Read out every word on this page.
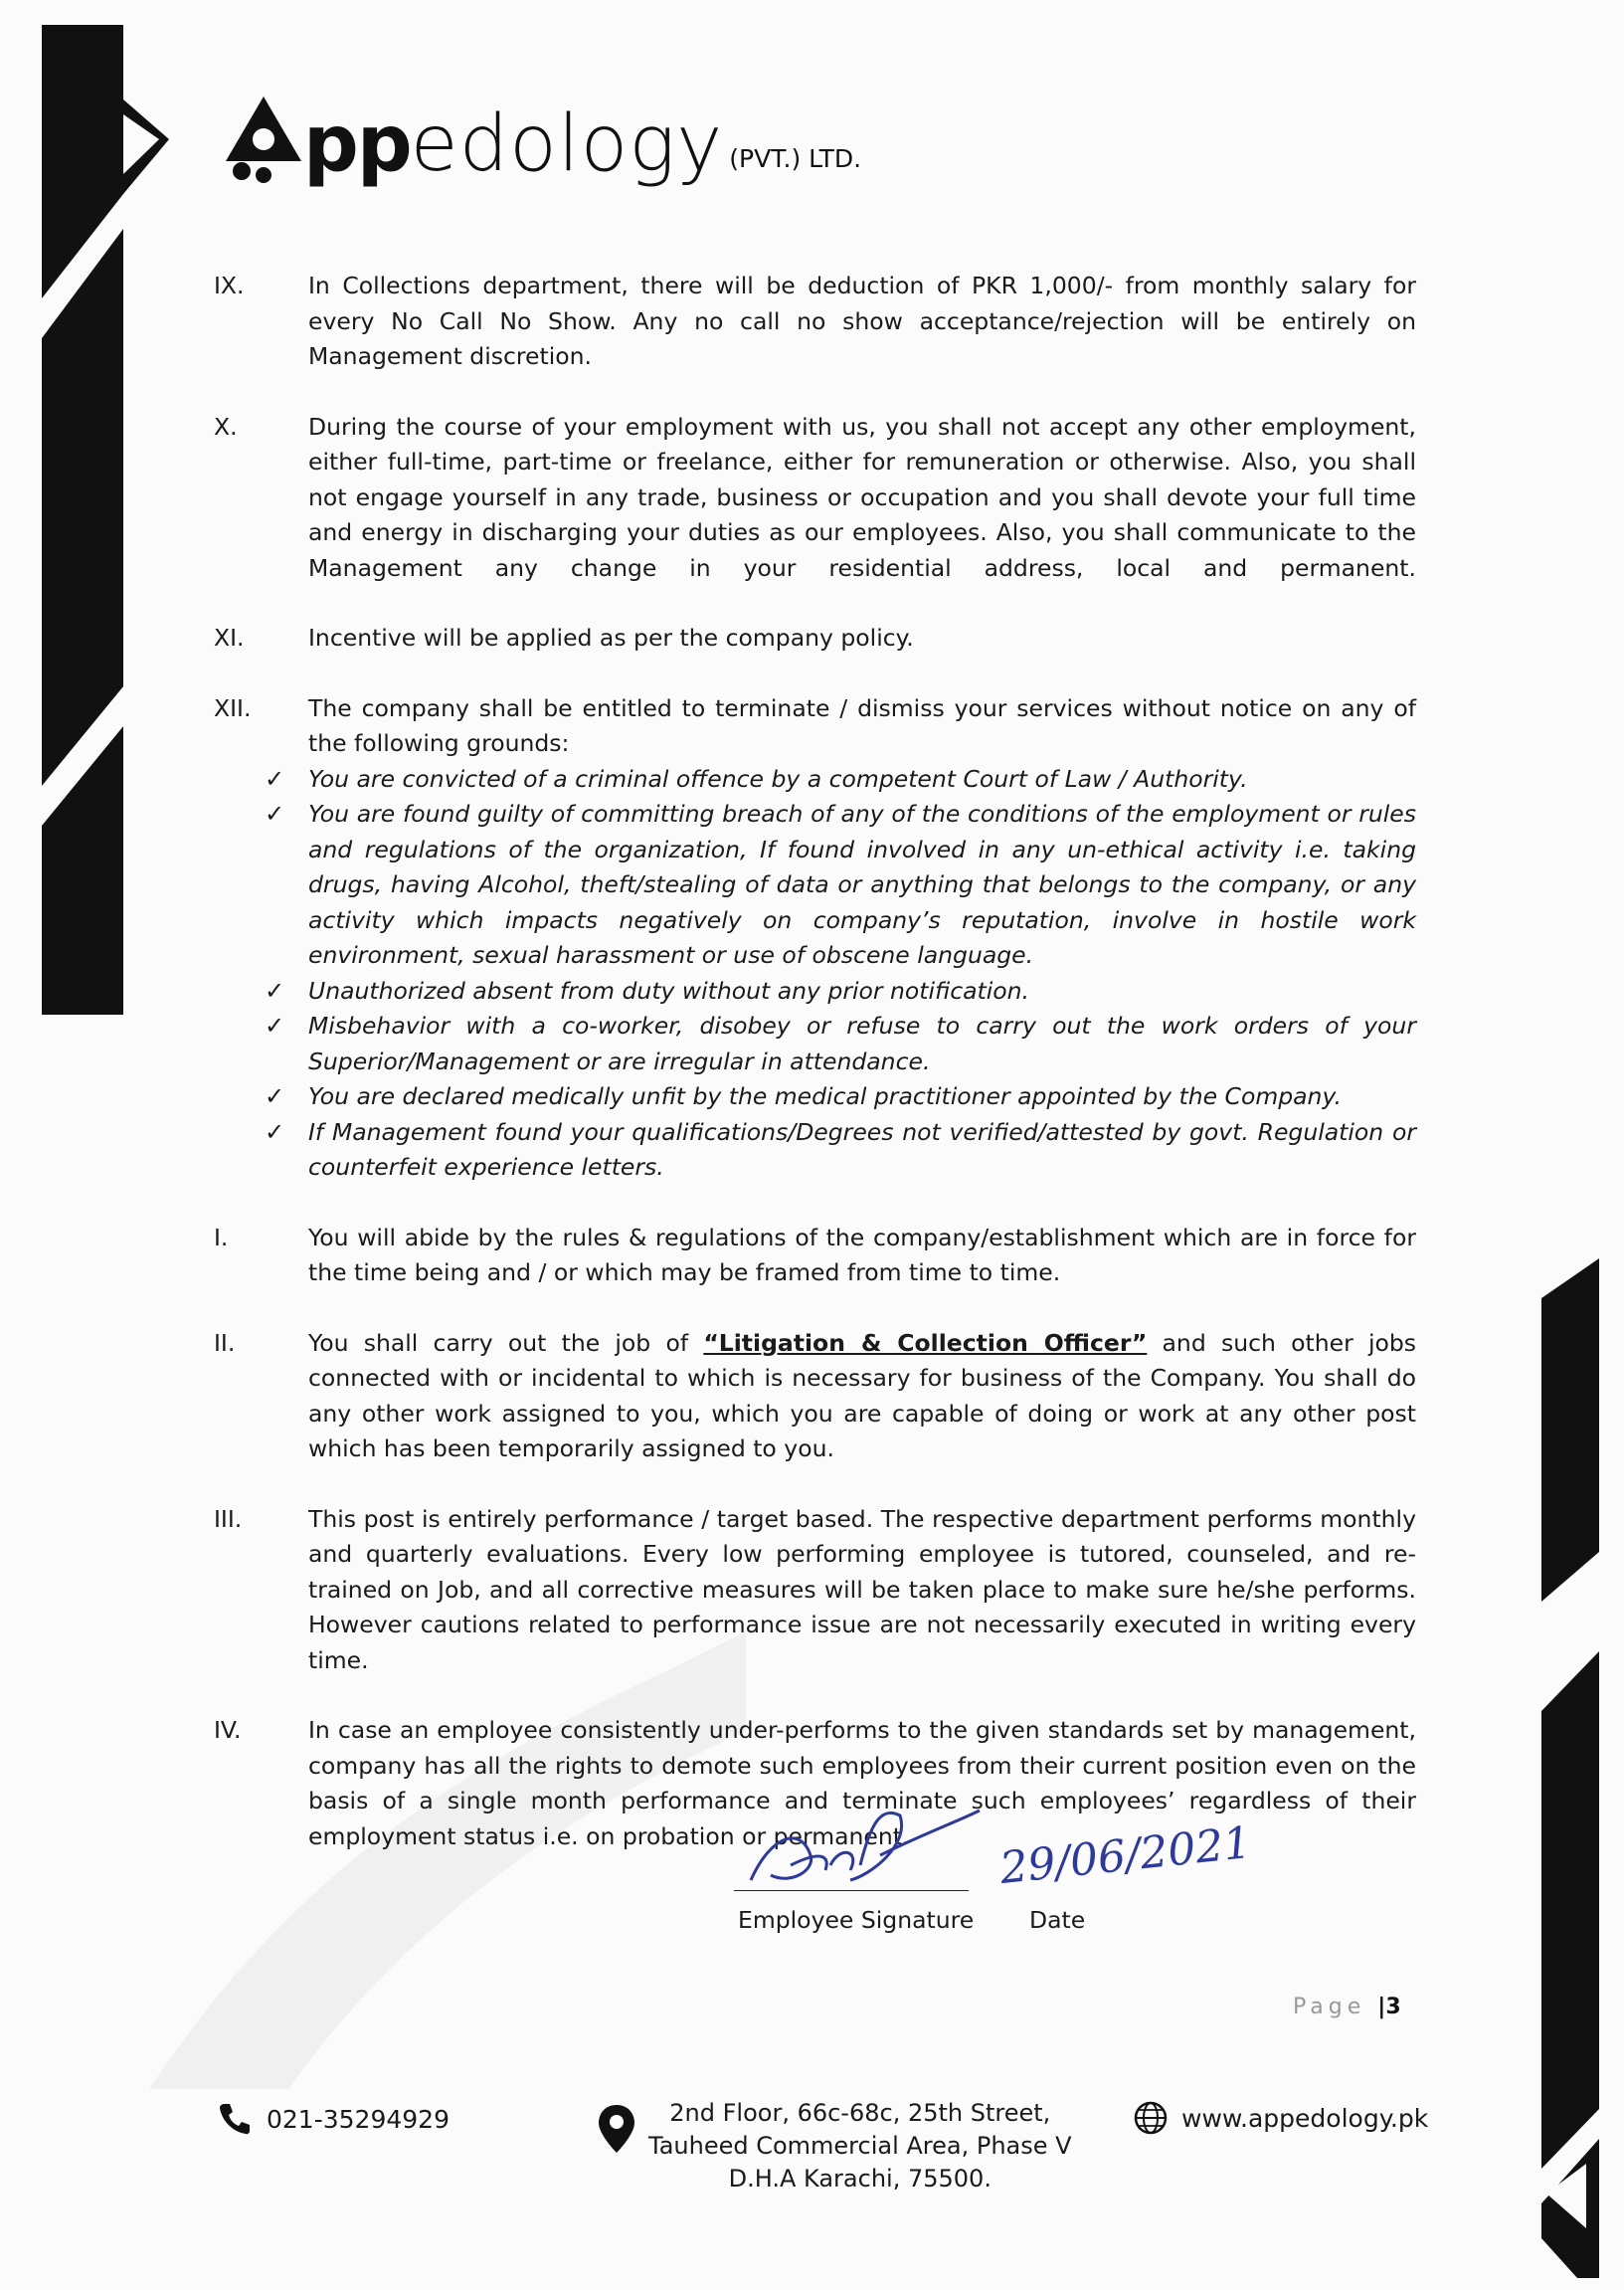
pp edology (PVT.) LTD.
IX.	In Collections department, there will be deduction of PKR 1,000/- from monthly salary for every No Call No Show. Any no call no show acceptance/rejection will be entirely on Management discretion.
X.	During the course of your employment with us, you shall not accept any other employment, either full-time, part-time or freelance, either for remuneration or otherwise. Also, you shall not engage yourself in any trade, business or occupation and you shall devote your full time and energy in discharging your duties as our employees. Also, you shall communicate to the Management any change in your residential address, local and permanent.
XI.	Incentive will be applied as per the company policy.
XII.	The company shall be entitled to terminate / dismiss your services without notice on any of the following grounds:
✓ You are convicted of a criminal offence by a competent Court of Law / Authority.
✓ You are found guilty of committing breach of any of the conditions of the employment or rules and regulations of the organization, If found involved in any un-ethical activity i.e. taking drugs, having Alcohol, theft/stealing of data or anything that belongs to the company, or any activity which impacts negatively on company’s reputation, involve in hostile work environment, sexual harassment or use of obscene language.
✓ Unauthorized absent from duty without any prior notification.
✓ Misbehavior with a co-worker, disobey or refuse to carry out the work orders of your Superior/Management or are irregular in attendance.
✓ You are declared medically unfit by the medical practitioner appointed by the Company.
✓ If Management found your qualifications/Degrees not verified/attested by govt. Regulation or counterfeit experience letters.
I.	You will abide by the rules & regulations of the company/establishment which are in force for the time being and / or which may be framed from time to time.
II.	You shall carry out the job of “Litigation & Collection Officer” and such other jobs connected with or incidental to which is necessary for business of the Company. You shall do any other work assigned to you, which you are capable of doing or work at any other post which has been temporarily assigned to you.
III.	This post is entirely performance / target based. The respective department performs monthly and quarterly evaluations. Every low performing employee is tutored, counseled, and re-trained on Job, and all corrective measures will be taken place to make sure he/she performs. However cautions related to performance issue are not necessarily executed in writing every time.
IV.	In case an employee consistently under-performs to the given standards set by management, company has all the rights to demote such employees from their current position even on the basis of a single month performance and terminate such employees’ regardless of their employment status i.e. on probation or permanent.	29/06/2021
Employee Signature Date
Page |3
021-35294929	2nd Floor, 66c-68c, 25th Street,
Tauheed Commercial Area, Phase V
D.H.A Karachi, 75500.
www.appedology.pk
